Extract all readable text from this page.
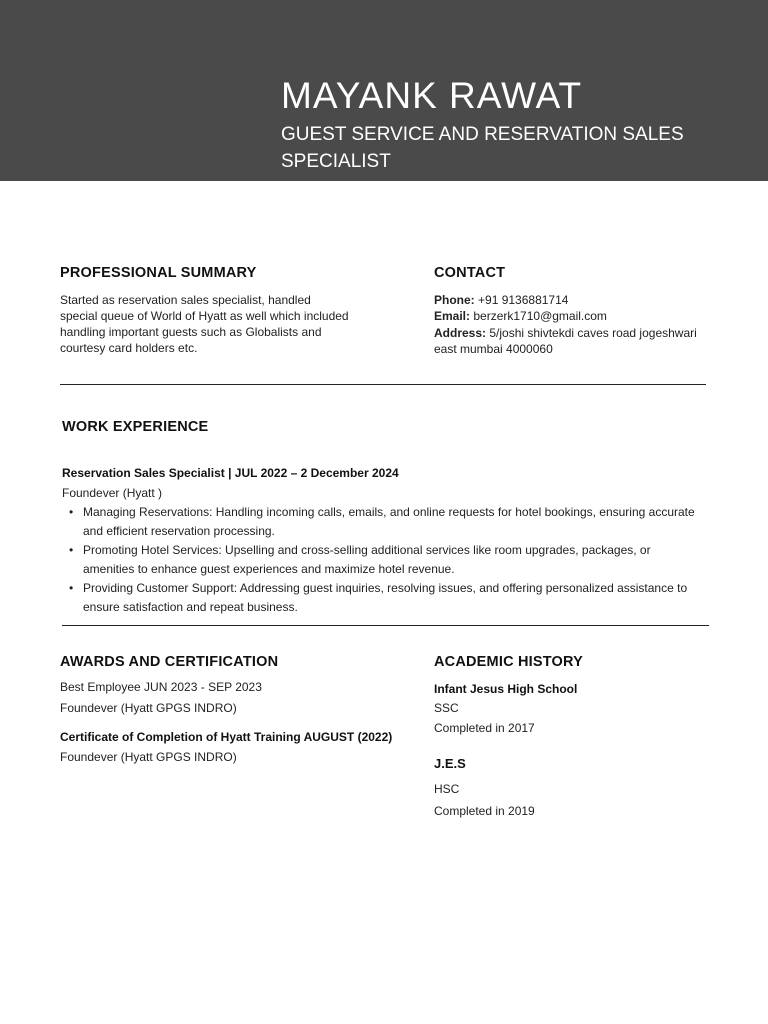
MAYANK RAWAT
GUEST SERVICE AND RESERVATION SALES SPECIALIST
PROFESSIONAL SUMMARY
Started as reservation sales specialist, handled special queue of World of Hyatt as well which included handling important guests such as Globalists and courtesy card holders etc.
CONTACT
Phone: +91 9136881714
Email: berzerk1710@gmail.com
Address: 5/joshi shivtekdi caves road jogeshwari east mumbai 4000060
WORK EXPERIENCE
Reservation Sales Specialist | JUL 2022 – 2 December 2024
Foundever (Hyatt )
• Managing Reservations: Handling incoming calls, emails, and online requests for hotel bookings, ensuring accurate and efficient reservation processing.
• Promoting Hotel Services: Upselling and cross-selling additional services like room upgrades, packages, or amenities to enhance guest experiences and maximize hotel revenue.
• Providing Customer Support: Addressing guest inquiries, resolving issues, and offering personalized assistance to ensure satisfaction and repeat business.
AWARDS AND CERTIFICATION
Best Employee JUN 2023 - SEP 2023
Foundever (Hyatt GPGS INDRO)
Certificate of Completion of Hyatt Training AUGUST (2022)
Foundever (Hyatt GPGS INDRO)
ACADEMIC HISTORY
Infant Jesus High School
SSC
Completed in 2017
J.E.S
HSC
Completed in 2019
